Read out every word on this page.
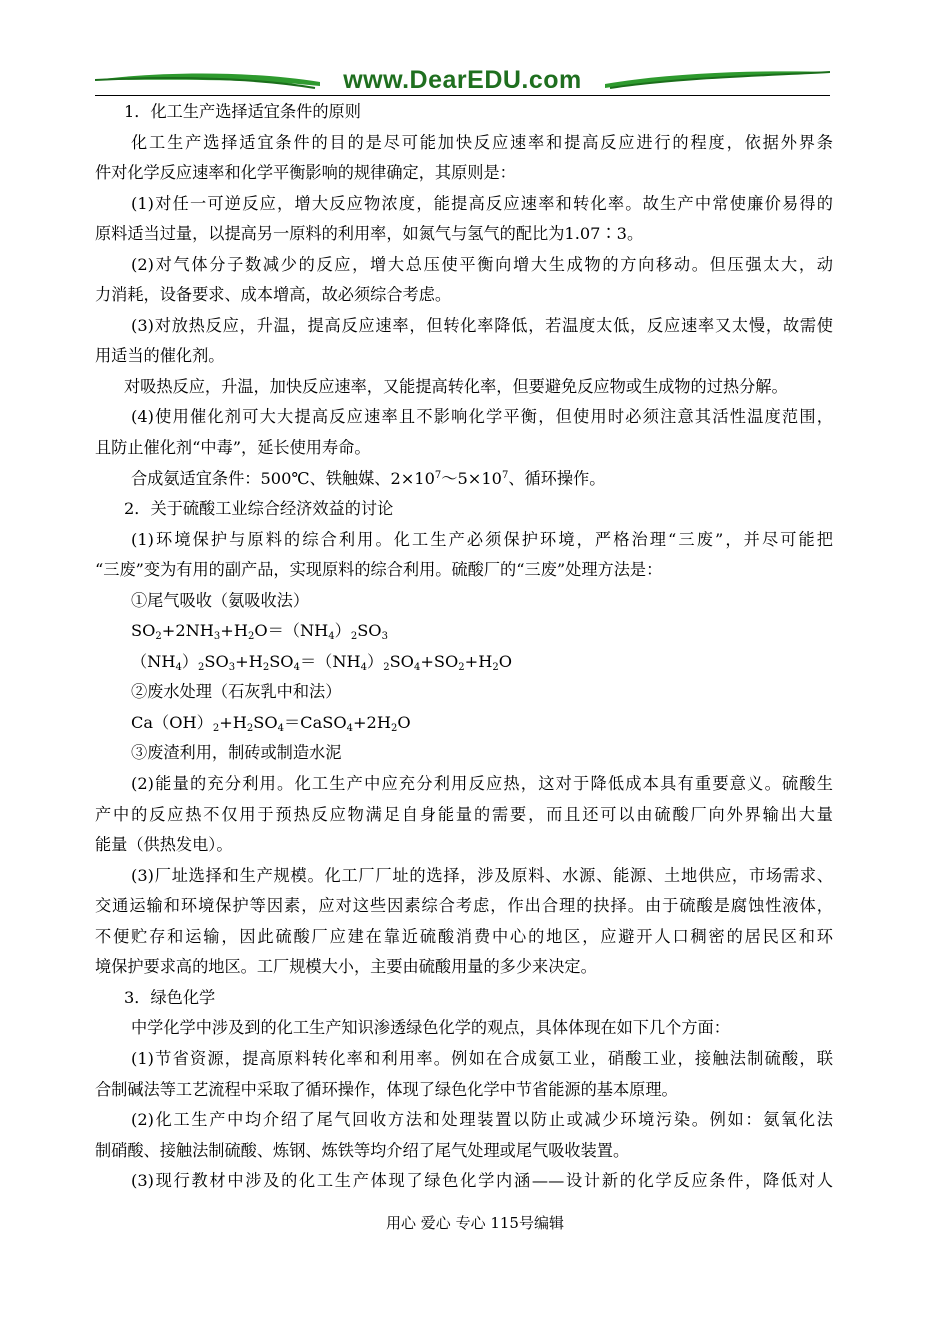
www.DearEDU.com
1．化工生产选择适宜条件的原则
化工生产选择适宜条件的目的是尽可能加快反应速率和提高反应进行的程度，依据外界条
件对化学反应速率和化学平衡影响的规律确定，其原则是：
(1)对任一可逆反应，增大反应物浓度，能提高反应速率和转化率。故生产中常使廉价易得的
原料适当过量，以提高另一原料的利用率，如氮气与氢气的配比为1.07∶3。
(2)对气体分子数减少的反应，增大总压使平衡向增大生成物的方向移动。但压强太大，动
力消耗，设备要求、成本增高，故必须综合考虑。
(3)对放热反应，升温，提高反应速率，但转化率降低，若温度太低，反应速率又太慢，故需使
用适当的催化剂。
对吸热反应，升温，加快反应速率，又能提高转化率，但要避免反应物或生成物的过热分解。
(4)使用催化剂可大大提高反应速率且不影响化学平衡，但使用时必须注意其活性温度范围，
且防止催化剂“中毒”，延长使用寿命。
合成氨适宜条件：500℃、铁触媒、$2\times 10^7\sim 5\times 10^7$、循环操作。
2．关于硫酸工业综合经济效益的讨论
(1)环境保护与原料的综合利用。化工生产必须保护环境，严格治理“三废”，并尽可能把
“三废”变为有用的副产品，实现原料的综合利用。硫酸厂的“三废”处理方法是：
①尾气吸收（氨吸收法）
$SO_2+2NH_3+H_2O=(NH_4)_2SO_3$
$(NH_4)_2SO_3+H_2SO_4=(NH_4)_2SO_4+SO_2+H_2O$
②废水处理（石灰乳中和法）
$Ca(OH)_2+H_2SO_4=CaSO_4+2H_2O$
③废渣利用，制砖或制造水泥
(2)能量的充分利用。化工生产中应充分利用反应热，这对于降低成本具有重要意义。硫酸生
产中的反应热不仅用于预热反应物满足自身能量的需要，而且还可以由硫酸厂向外界输出大量
能量（供热发电）。
(3)厂址选择和生产规模。化工厂厂址的选择，涉及原料、水源、能源、土地供应，市场需求、
交通运输和环境保护等因素，应对这些因素综合考虑，作出合理的抉择。由于硫酸是腐蚀性液体，
不便贮存和运输，因此硫酸厂应建在靠近硫酸消费中心的地区，应避开人口稠密的居民区和环
境保护要求高的地区。工厂规模大小，主要由硫酸用量的多少来决定。
3．绿色化学
中学化学中涉及到的化工生产知识渗透绿色化学的观点，具体体现在如下几个方面：
(1)节省资源，提高原料转化率和利用率。例如在合成氨工业，硝酸工业，接触法制硫酸，联
合制碱法等工艺流程中采取了循环操作，体现了绿色化学中节省能源的基本原理。
(2)化工生产中均介绍了尾气回收方法和处理装置以防止或减少环境污染。例如：氨氧化法
制硝酸、接触法制硫酸、炼钢、炼铁等均介绍了尾气处理或尾气吸收装置。
(3)现行教材中涉及的化工生产体现了绿色化学内涵——设计新的化学反应条件，降低对人
用心 爱心 专心 115号编辑
